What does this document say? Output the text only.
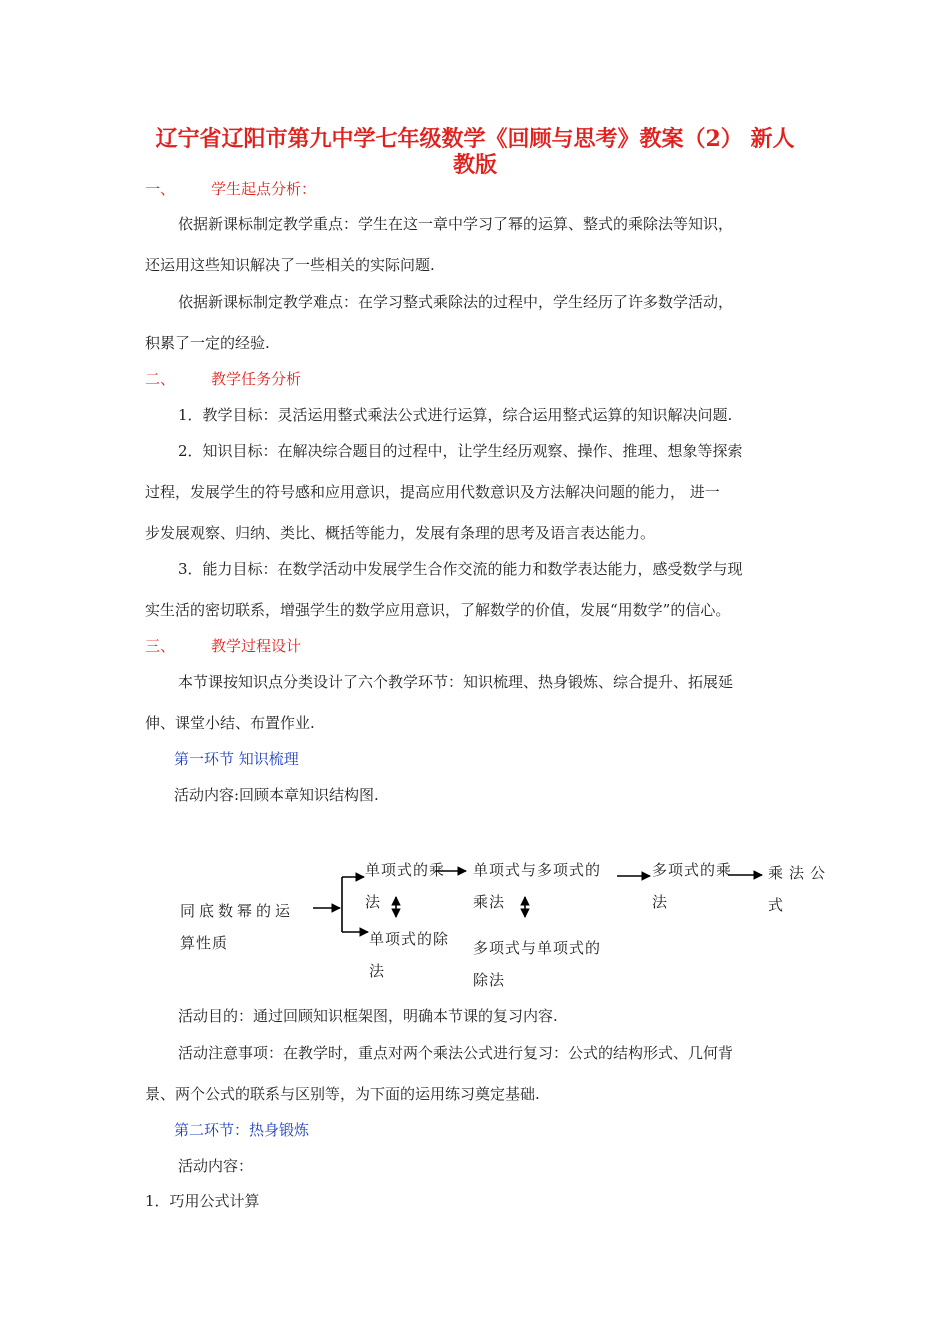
辽宁省辽阳市第九中学七年级数学《回顾与思考》教案（2） 新人
教版
一、 学生起点分析：
依据新课标制定教学重点：学生在这一章中学习了幂的运算、整式的乘除法等知识，
还运用这些知识解决了一些相关的实际问题.
依据新课标制定教学难点：在学习整式乘除法的过程中，学生经历了许多数学活动，
积累了一定的经验.
二、 教学任务分析
1．教学目标：灵活运用整式乘法公式进行运算，综合运用整式运算的知识解决问题.
2．知识目标：在解决综合题目的过程中，让学生经历观察、操作、推理、想象等探索
过程，发展学生的符号感和应用意识，提高应用代数意识及方法解决问题的能力， 进一
步发展观察、归纳、类比、概括等能力，发展有条理的思考及语言表达能力。
3．能力目标：在数学活动中发展学生合作交流的能力和数学表达能力，感受数学与现
实生活的密切联系，增强学生的数学应用意识，了解数学的价值，发展“用数学”的信心。
三、 教学过程设计
本节课按知识点分类设计了六个教学环节：知识梳理、热身锻炼、综合提升、拓展延
伸、课堂小结、布置作业.
第一环节 知识梳理
活动内容:回顾本章知识结构图.
同底数幂的运
算性质
单项式的乘
法
单项式的除
法
单项式与多项式的
乘法
多项式与单项式的
除法
多项式的乘
法
乘法公
式
活动目的：通过回顾知识框架图，明确本节课的复习内容.
活动注意事项：在教学时，重点对两个乘法公式进行复习：公式的结构形式、几何背
景、两个公式的联系与区别等，为下面的运用练习奠定基础.
第二环节：热身锻炼
活动内容：
1．巧用公式计算
